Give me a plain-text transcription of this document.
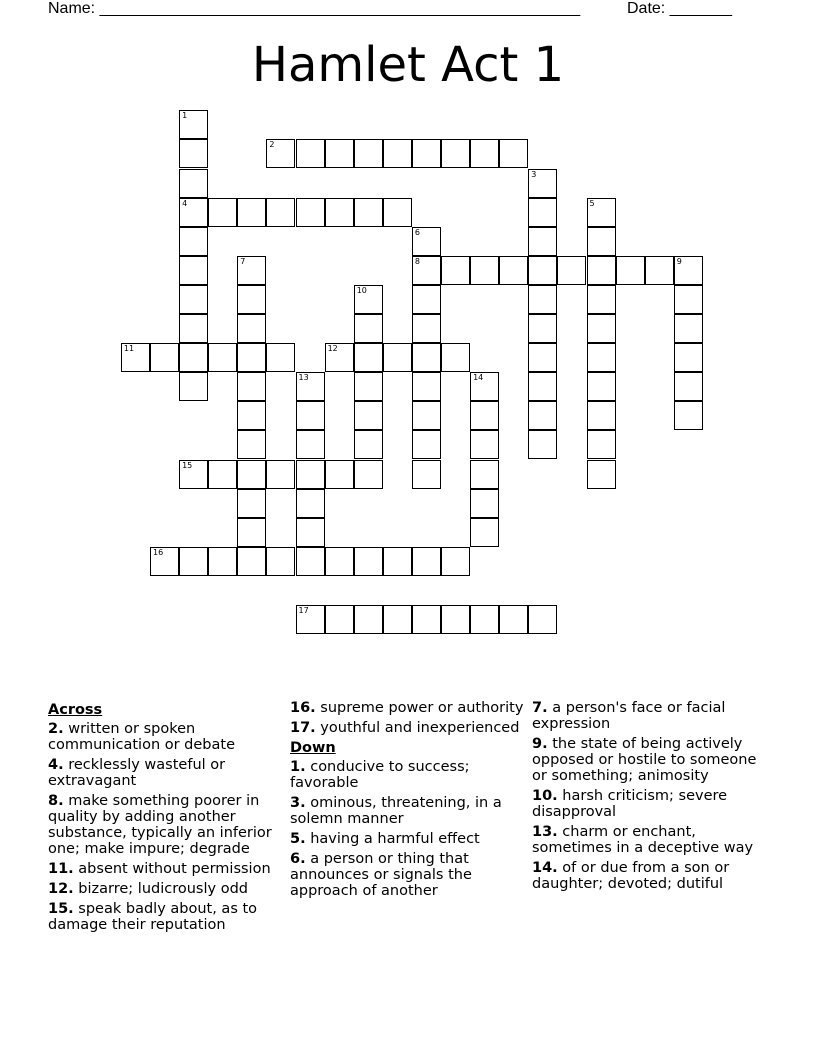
Name: ______________________________________________________	Date: _______
Hamlet Act 1
1
2
3
4	5
6
7	8	9
10
11	12
13	14
15
16
17
Across
2. written or spoken communication or debate
4. recklessly wasteful or extravagant
8. make something poorer in quality by adding another substance, typically an inferior one; make impure; degrade
11. absent without permission
12. bizarre; ludicrously odd
15. speak badly about, as to damage their reputation
16. supreme power or authority
17. youthful and inexperienced
Down
1. conducive to success; favorable
3. ominous, threatening, in a solemn manner
5. having a harmful effect
6. a person or thing that announces or signals the approach of another
7. a person's face or facial expression
9. the state of being actively opposed or hostile to someone or something; animosity
10. harsh criticism; severe disapproval
13. charm or enchant, sometimes in a deceptive way
14. of or due from a son or daughter; devoted; dutiful
